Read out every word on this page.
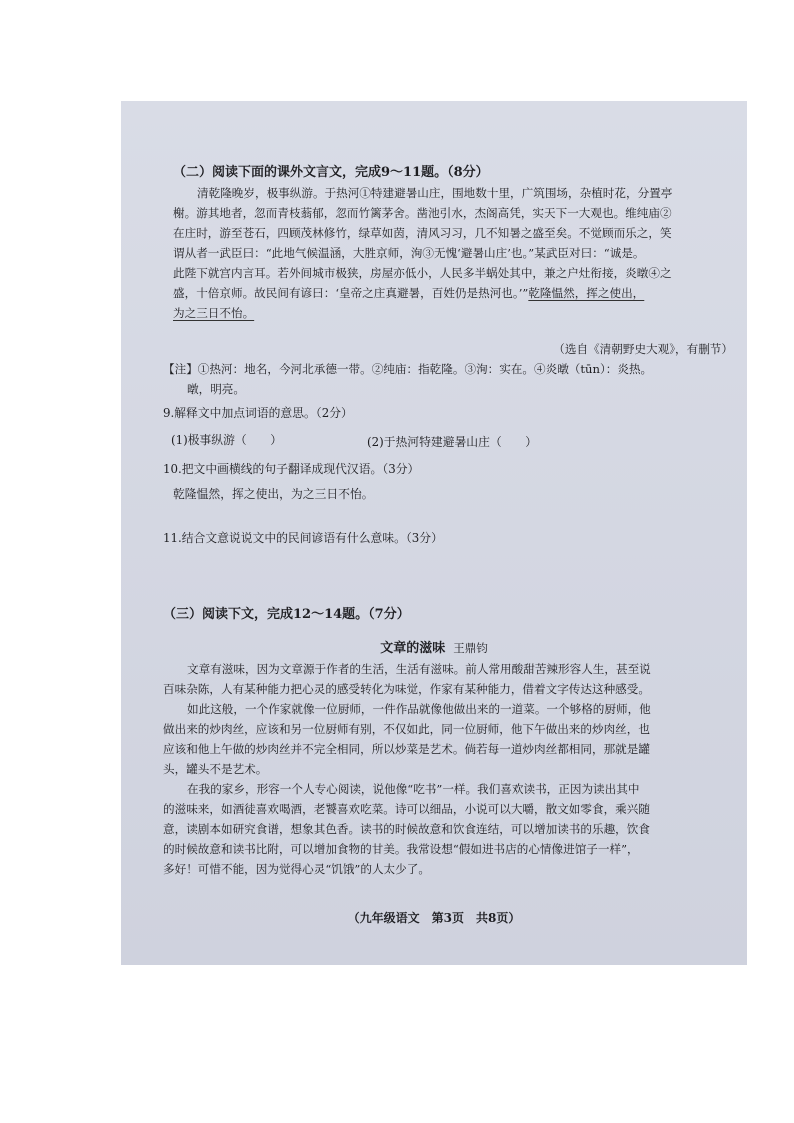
（二）阅读下面的课外文言文，完成9～11题。（8分）
清乾隆晚岁，极事纵游。于热河①特建避暑山庄，围地数十里，广筑围场，杂植时花，分置亭
榭。游其地者，忽而青枝蓊郁，忽而竹篱茅舍。凿池引水，杰阁高凭，实天下一大观也。维纯庙②
在庄时，游至苍石，四顾茂林修竹，绿草如茵，清风习习，几不知暑之盛至矣。不觉顾而乐之，笑
谓从者一武臣曰：“此地气候温涵，大胜京师，洵③无愧‘避暑山庄’也。”某武臣对曰：“诚是。
此陛下就宫内言耳。若外间城市极狭，房屋亦低小，人民多半蜗处其中，兼之户灶衔接，炎暾④之
盛，十倍京师。故民间有谚曰：‘皇帝之庄真避暑，百姓仍是热河也。’”乾隆愠然，挥之使出，
为之三日不怡。
（选自《清朝野史大观》，有删节）
【注】①热河：地名，今河北承德一带。②纯庙：指乾隆。③洵：实在。④炎暾（tūn）：炎热。
暾，明亮。
9.解释文中加点词语的意思。（2分）
(1)极事纵游（　　）	(2)于热河特建避暑山庄（　　）
10.把文中画横线的句子翻译成现代汉语。（3分）
乾隆愠然，挥之使出，为之三日不怡。
11.结合文意说说文中的民间谚语有什么意味。（3分）
（三）阅读下文，完成12～14题。（7分）
文章的滋味 王鼎钧
文章有滋味，因为文章源于作者的生活，生活有滋味。前人常用酸甜苦辣形容人生，甚至说
百味杂陈，人有某种能力把心灵的感受转化为味觉，作家有某种能力，借着文字传达这种感受。
如此这般，一个作家就像一位厨师，一件作品就像他做出来的一道菜。一个够格的厨师，他
做出来的炒肉丝，应该和另一位厨师有别，不仅如此，同一位厨师，他下午做出来的炒肉丝，也
应该和他上午做的炒肉丝并不完全相同，所以炒菜是艺术。倘若每一道炒肉丝都相同，那就是罐
头，罐头不是艺术。
在我的家乡，形容一个人专心阅读，说他像“吃书”一样。我们喜欢读书，正因为读出其中
的滋味来，如酒徒喜欢喝酒，老饕喜欢吃菜。诗可以细品，小说可以大嚼，散文如零食，乘兴随
意，读剧本如研究食谱，想象其色香。读书的时候故意和饮食连结，可以增加读书的乐趣，饮食
的时候故意和读书比附，可以增加食物的甘美。我常设想“假如进书店的心情像进馆子一样”，
多好！可惜不能，因为觉得心灵“饥饿”的人太少了。
（九年级语文　第3页　共8页）
